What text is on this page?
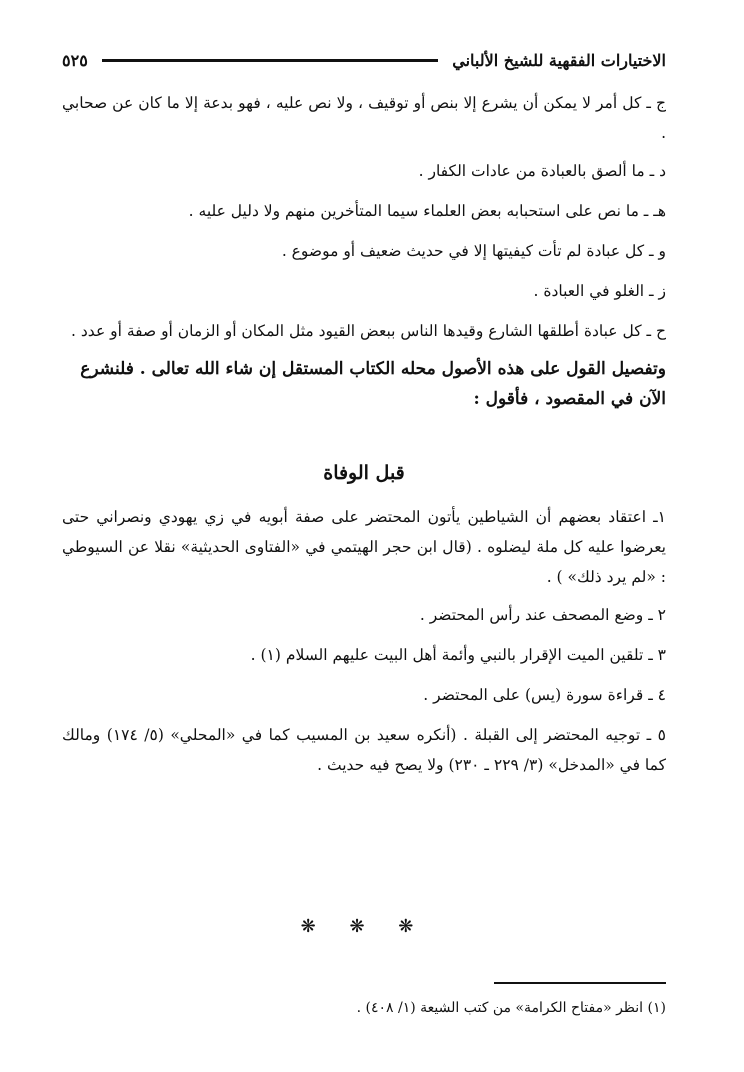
الاختيارات الفقهية للشيخ الألباني
٥٢٥

ج ـ كل أمر لا يمكن أن يشرع إلا بنص أو توقيف ، ولا نص عليه ، فهو بدعة إلا ما كان عن صحابي .

د ـ ما ألصق بالعبادة من عادات الكفار .

هـ ـ ما نص على استحبابه بعض العلماء سيما المتأخرين منهم ولا دليل عليه .

و ـ كل عبادة لم تأت كيفيتها إلا في حديث ضعيف أو موضوع .

ز ـ الغلو في العبادة .

ح ـ كل عبادة أطلقها الشارع وقيدها الناس ببعض القيود مثل المكان أو الزمان أو صفة أو عدد .

وتفصيل القول على هذه الأصول محله الكتاب المستقل إن شاء الله تعالى . فلنشرع الآن في المقصود ، فأقول :

قبل الوفاة

١ـ اعتقاد بعضهم أن الشياطين يأتون المحتضر على صفة أبويه في زي يهودي ونصراني حتى يعرضوا عليه كل ملة ليضلوه . (قال ابن حجر الهيتمي في «الفتاوى الحديثية» نقلا عن السيوطي : «لم يرد ذلك» ) .

٢ ـ وضع المصحف عند رأس المحتضر .

٣ ـ تلقين الميت الإقرار بالنبي وأئمة أهل البيت عليهم السلام (١) .

٤ ـ قراءة سورة (يس) على المحتضر .

٥ ـ توجيه المحتضر إلى القبلة . (أنكره سعيد بن المسيب كما في «المحلي» (٥/ ١٧٤) ومالك كما في «المدخل» (٣/ ٢٢٩ ـ ٢٣٠) ولا يصح فيه حديث .

❋ ❋ ❋
(١) انظر «مفتاح الكرامة» من كتب الشيعة (١/ ٤٠٨) .
